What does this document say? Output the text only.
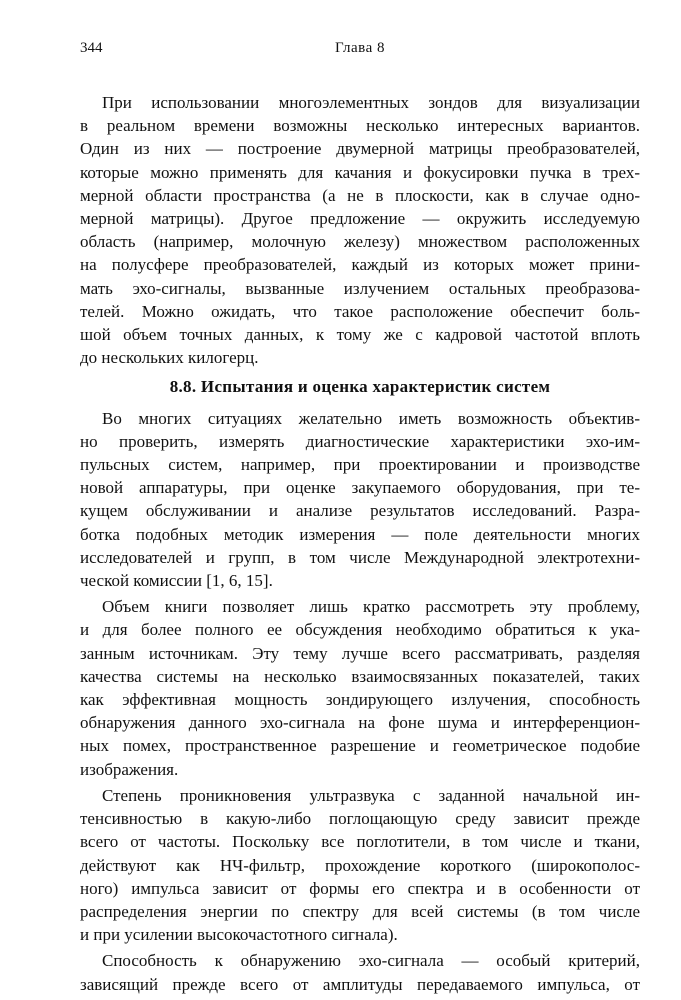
344	Глава 8
При использовании многоэлементных зондов для визуализации
в реальном времени возможны несколько интересных вариантов.
Один из них — построение двумерной матрицы преобразователей,
которые можно применять для качания и фокусировки пучка в трех-
мерной области пространства (а не в плоскости, как в случае одно-
мерной матрицы). Другое предложение — окружить исследуемую
область (например, молочную железу) множеством расположенных
на полусфере преобразователей, каждый из которых может прини-
мать эхо-сигналы, вызванные излучением остальных преобразова-
телей. Можно ожидать, что такое расположение обеспечит боль-
шой объем точных данных, к тому же с кадровой частотой вплоть
до нескольких килогерц.
8.8. Испытания и оценка характеристик систем
Во многих ситуациях желательно иметь возможность объектив-
но проверить, измерять диагностические характеристики эхо-им-
пульсных систем, например, при проектировании и производстве
новой аппаратуры, при оценке закупаемого оборудования, при те-
кущем обслуживании и анализе результатов исследований. Разра-
ботка подобных методик измерения — поле деятельности многих
исследователей и групп, в том числе Международной электротехни-
ческой комиссии [1, 6, 15].
Объем книги позволяет лишь кратко рассмотреть эту проблему,
и для более полного ее обсуждения необходимо обратиться к ука-
занным источникам. Эту тему лучше всего рассматривать, разделяя
качества системы на несколько взаимосвязанных показателей, таких
как эффективная мощность зондирующего излучения, способность
обнаружения данного эхо-сигнала на фоне шума и интерференцион-
ных помех, пространственное разрешение и геометрическое подобие
изображения.
Степень проникновения ультразвука с заданной начальной ин-
тенсивностью в какую-либо поглощающую среду зависит прежде
всего от частоты. Поскольку все поглотители, в том числе и ткани,
действуют как НЧ-фильтр, прохождение короткого (широкополос-
ного) импульса зависит от формы его спектра и в особенности от
распределения энергии по спектру для всей системы (в том числе
и при усилении высокочастотного сигнала).
Способность к обнаружению эхо-сигнала — особый критерий,
зависящий прежде всего от амплитуды передаваемого импульса, от
